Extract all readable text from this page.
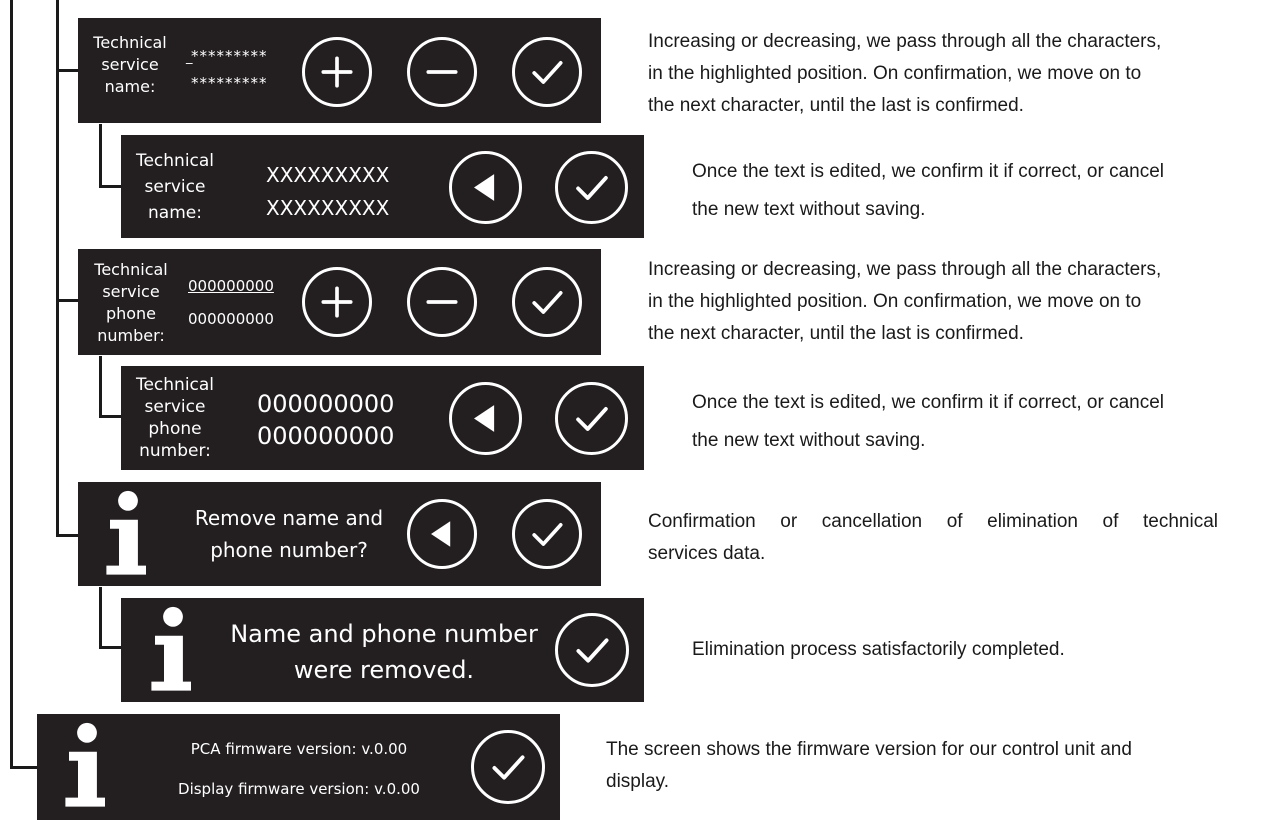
Technical
service
name:
_
*********
*********
Technical
service
name:
XXXXXXXXX
XXXXXXXXX
Technical
service
phone
number:
000000000
000000000
Technical
service
phone
number:
000000000
000000000
Remove name and
phone number?
Name and phone number
were removed.
PCA firmware version: v.0.00
Display firmware version: v.0.00
Increasing or decreasing, we pass through all the characters,
in the highlighted position. On confirmation, we move on to
the next character, until the last is confirmed.
Once the text is edited, we confirm it if correct, or cancel
the new text without saving.
Increasing or decreasing, we pass through all the characters,
in the highlighted position. On confirmation, we move on to
the next character, until the last is confirmed.
Once the text is edited, we confirm it if correct, or cancel
the new text without saving.
Confirmation or cancellation of elimination of technical
services data.
Elimination process satisfactorily completed.
The screen shows the firmware version for our control unit and
display.
